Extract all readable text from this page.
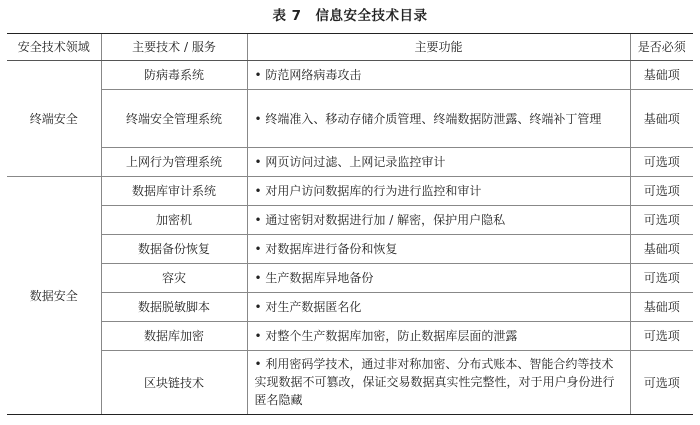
表 7 信息安全技术目录
安全技术领域	主要技术 / 服务	主要功能	是否必须
终端安全	防病毒系统	• 防范网络病毒攻击	基础项
	终端安全管理系统	• 终端准入、移动存储介质管理、终端数据防泄露、终端补丁管理	基础项
	上网行为管理系统	• 网页访问过滤、上网记录监控审计	可选项
数据安全	数据库审计系统	• 对用户访问数据库的行为进行监控和审计	可选项
	加密机	• 通过密钥对数据进行加 / 解密，保护用户隐私	可选项
	数据备份恢复	• 对数据库进行备份和恢复	基础项
	容灾	• 生产数据库异地备份	可选项
	数据脱敏脚本	• 对生产数据匿名化	基础项
	数据库加密	• 对整个生产数据库加密，防止数据库层面的泄露	可选项
	区块链技术	• 利用密码学技术，通过非对称加密、分布式账本、智能合约等技术实现数据不可篡改，保证交易数据真实性完整性，对于用户身份进行匿名隐藏	可选项
